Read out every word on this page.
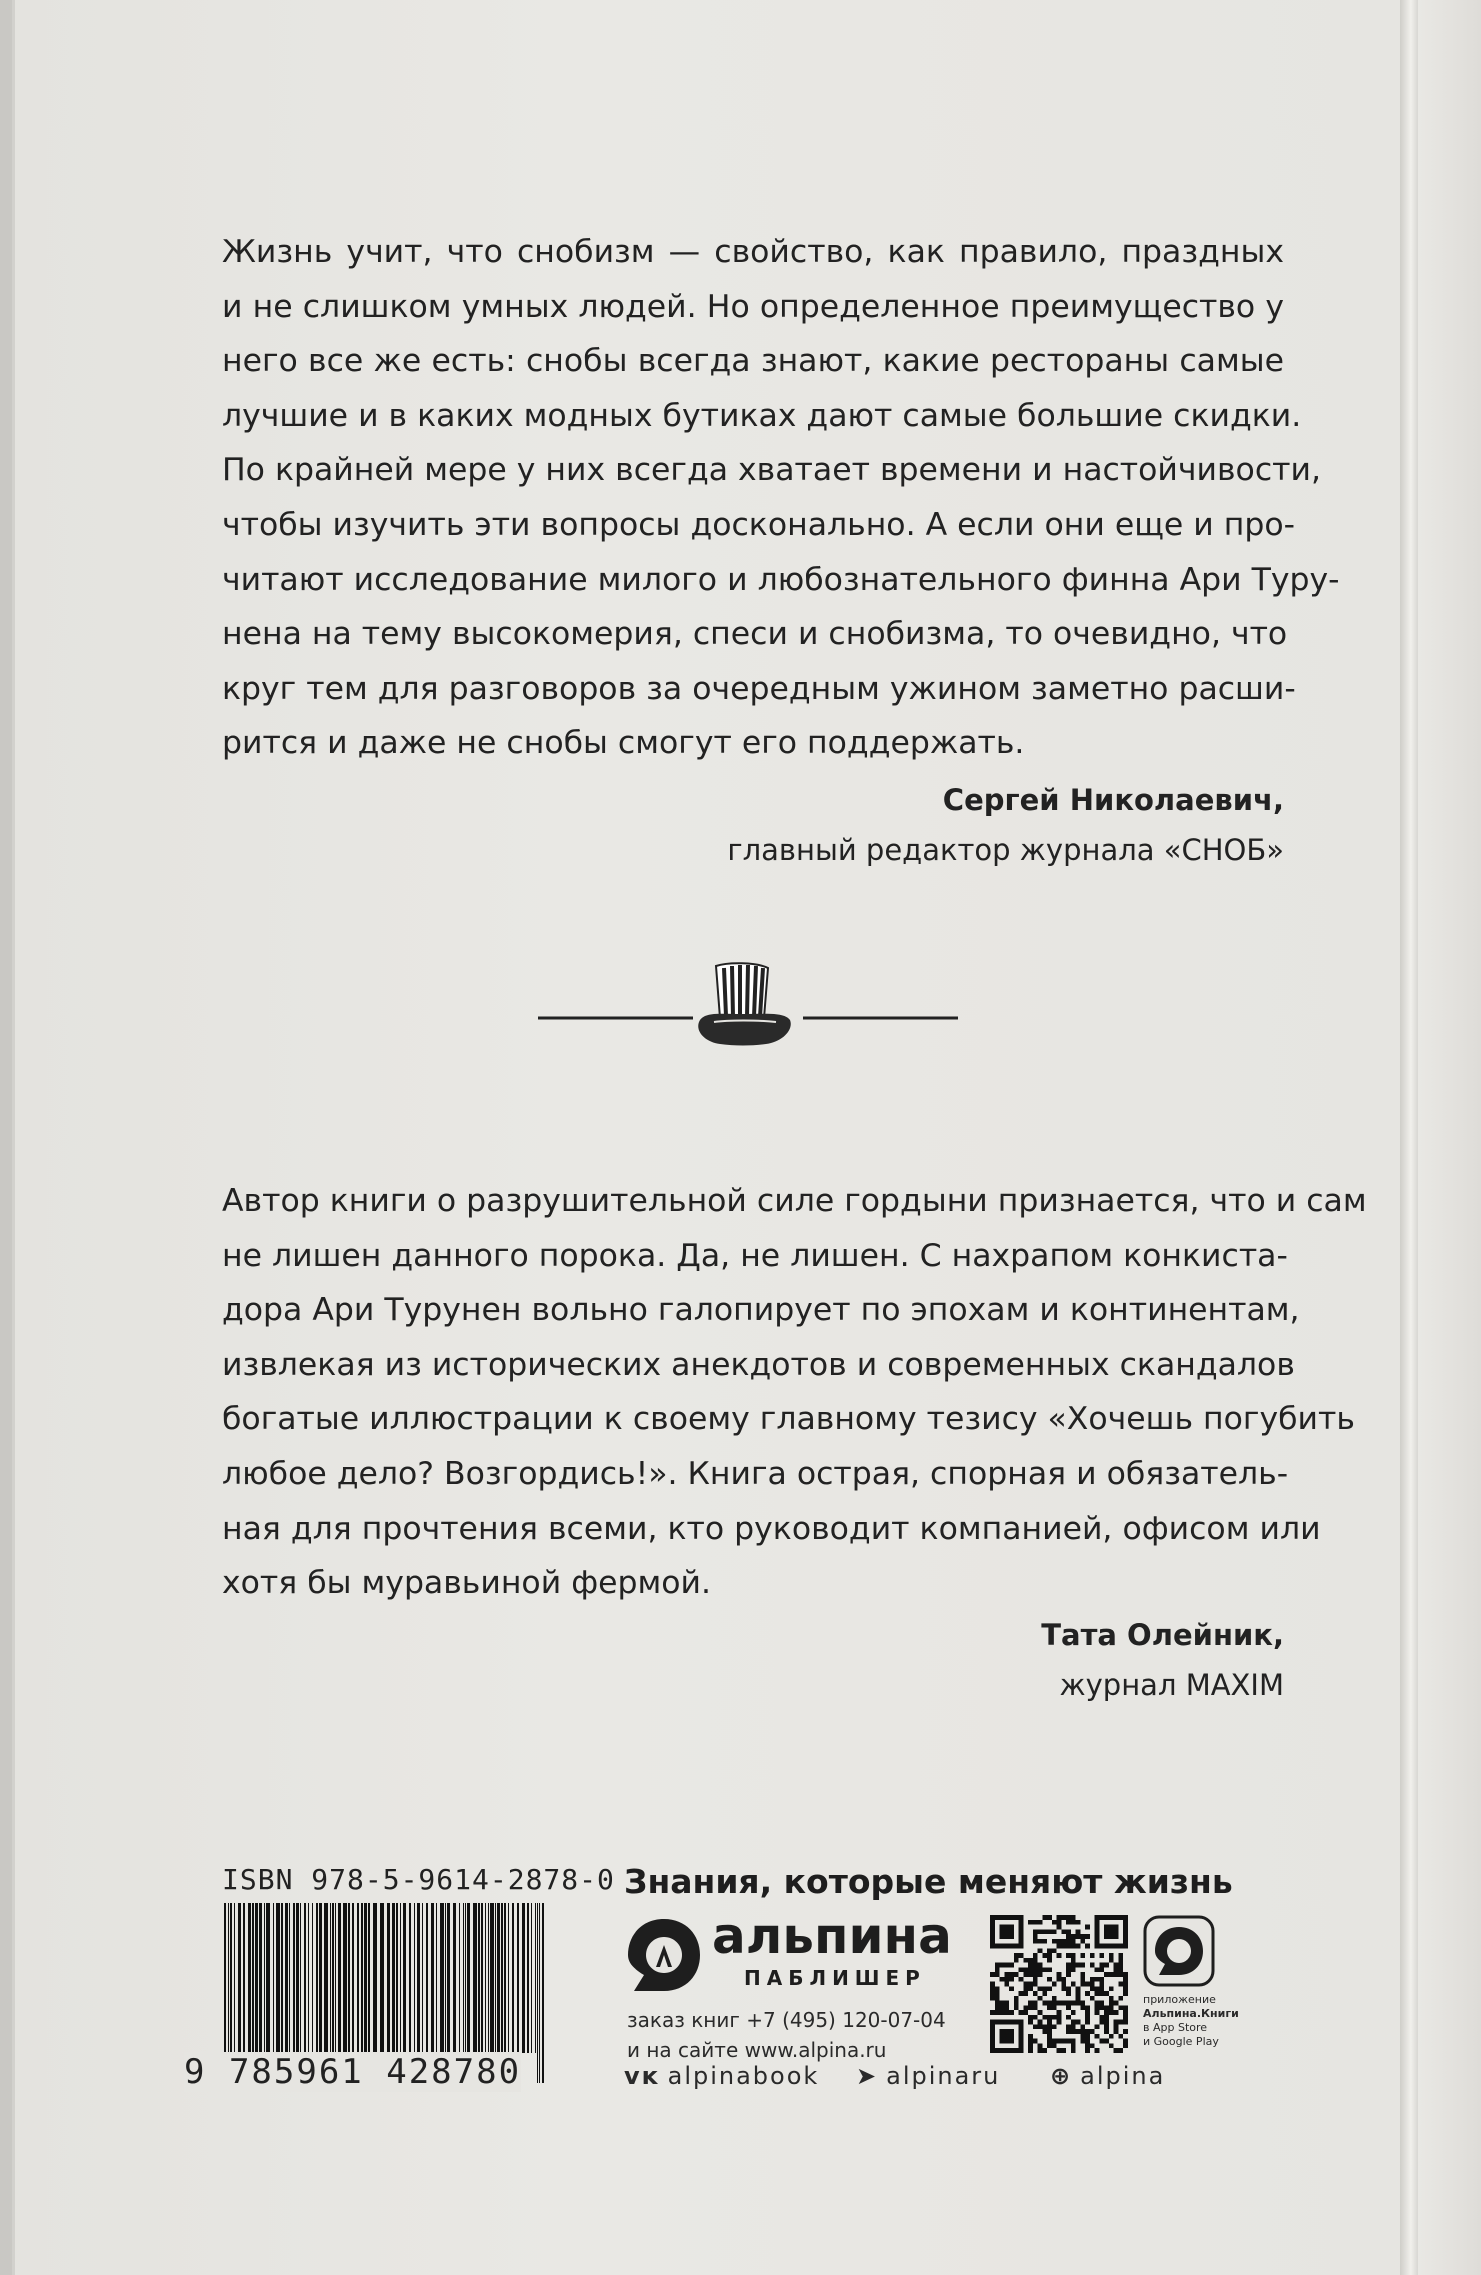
Жизнь учит, что снобизм — свойство, как правило, праздных
и не слишком умных людей. Но определенное преимущество у
него все же есть: снобы всегда знают, какие рестораны самые
лучшие и в каких модных бутиках дают самые большие скидки.
По крайней мере у них всегда хватает времени и настойчивости,
чтобы изучить эти вопросы досконально. А если они еще и про-
читают исследование милого и любознательного финна Ари Туру-
нена на тему высокомерия, спеси и снобизма, то очевидно, что
круг тем для разговоров за очередным ужином заметно расши-
рится и даже не снобы смогут его поддержать.
Сергей Николаевич,
главный редактор журнала «СНОБ»
Автор книги о разрушительной силе гордыни признается, что и сам
не лишен данного порока. Да, не лишен. С нахрапом конкиста-
дора Ари Турунен вольно галопирует по эпохам и континентам,
извлекая из исторических анекдотов и современных скандалов
богатые иллюстрации к своему главному тезису «Хочешь погубить
любое дело? Возгордись!». Книга острая, спорная и обязатель-
ная для прочтения всеми, кто руководит компанией, офисом или
хотя бы муравьиной фермой.
Тата Олейник,
журнал MAXIM
ISBN 978-5-9614-2878-0
9 785961 428780
Знания, которые меняют жизнь
альпина
ПАБЛИШЕР
заказ книг +7 (495) 120-07-04
и на сайте www.alpina.ru
приложение
Альпина.Книги
в App Store
и Google Play
ᴠᴋ alpinabook ➤ alpinaru ⊕ alpina
